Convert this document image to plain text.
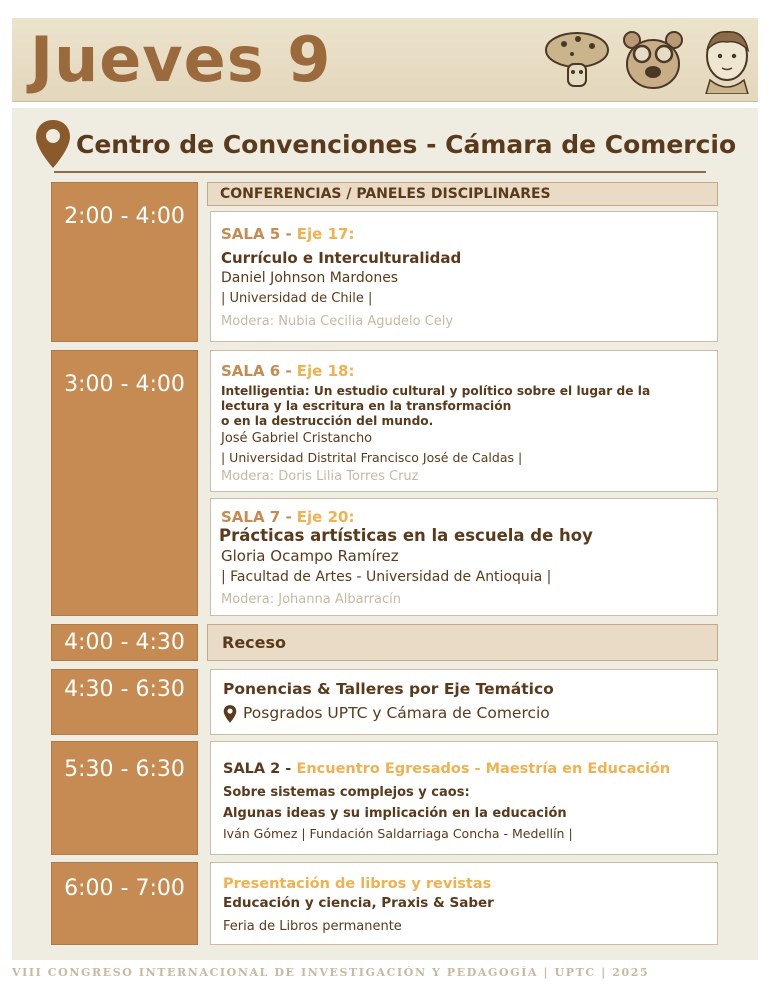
Jueves 9
Centro de Convenciones - Cámara de Comercio
2:00 - 4:00
CONFERENCIAS / PANELES DISCIPLINARES
SALA 5 - Eje 17:
Currículo e Interculturalidad
Daniel Johnson Mardones
| Universidad de Chile |
Modera: Nubia Cecilia Agudelo Cely
3:00 - 4:00
SALA 6 - Eje 18:
Intelligentia: Un estudio cultural y político sobre el lugar de la
lectura y la escritura en la transformación
o en la destrucción del mundo.
José Gabriel Cristancho
| Universidad Distrital Francisco José de Caldas |
Modera: Doris Lilia Torres Cruz
SALA 7 - Eje 20:
Prácticas artísticas en la escuela de hoy
Gloria Ocampo Ramírez
| Facultad de Artes - Universidad de Antioquia |
Modera: Johanna Albarracín
4:00 - 4:30	Receso
4:30 - 6:30	Ponencias & Talleres por Eje Temático
Posgrados UPTC y Cámara de Comercio
5:30 - 6:30	SALA 2 - Encuentro Egresados - Maestría en Educación
Sobre sistemas complejos y caos:
Algunas ideas y su implicación en la educación
Iván Gómez | Fundación Saldarriaga Concha - Medellín |
6:00 - 7:00	Presentación de libros y revistas
Educación y ciencia, Praxis & Saber
Feria de Libros permanente
VIII CONGRESO INTERNACIONAL DE INVESTIGACIÓN Y PEDAGOGÍA | UPTC | 2025
